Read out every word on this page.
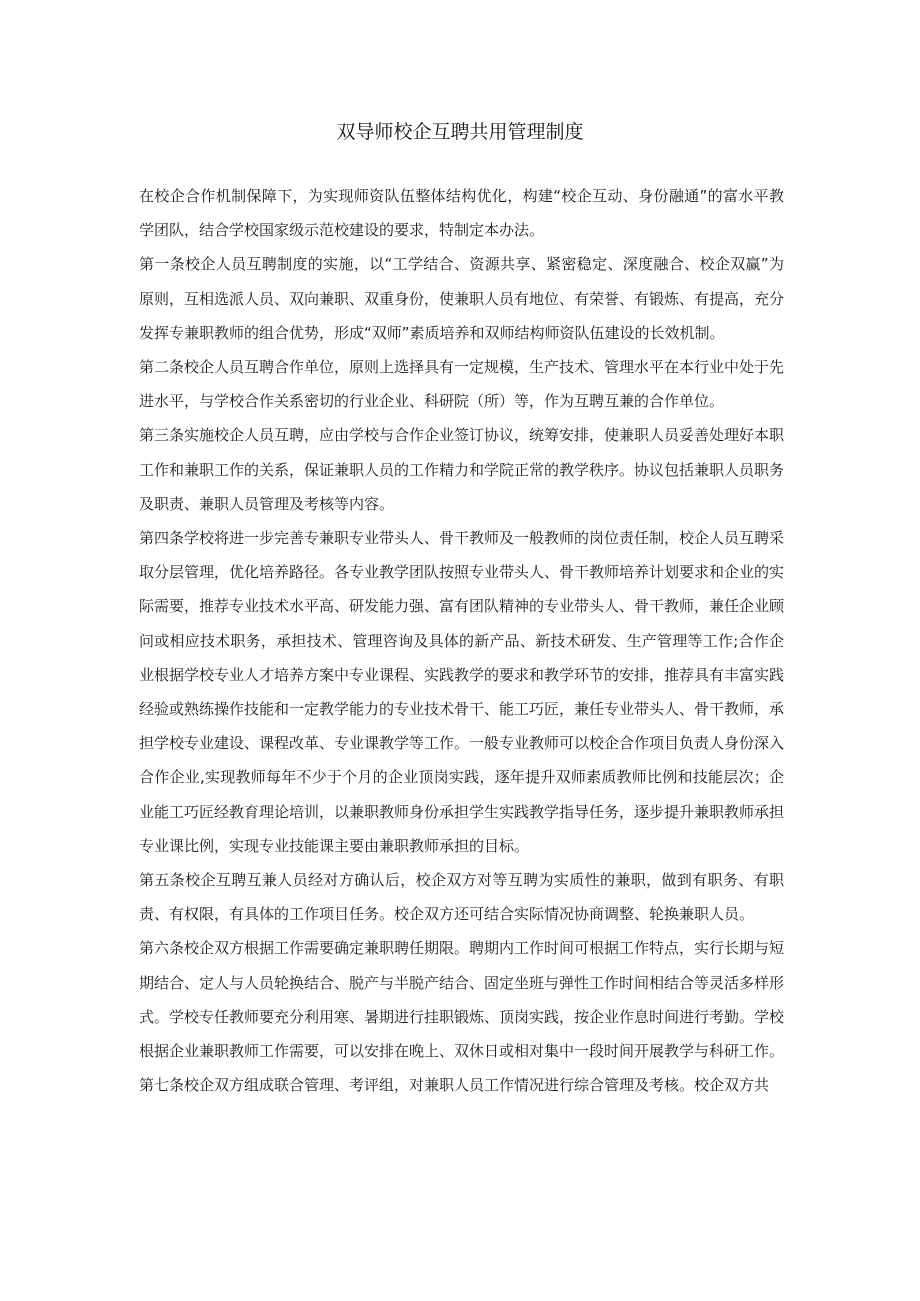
双导师校企互聘共用管理制度

在校企合作机制保障下，为实现师资队伍整体结构优化，构建“校企互动、身份融通”的富水平教学团队，结合学校国家级示范校建设的要求，特制定本办法。

第一条校企人员互聘制度的实施，以“工学结合、资源共享、紧密稳定、深度融合、校企双赢”为原则，互相选派人员、双向兼职、双重身份，使兼职人员有地位、有荣誉、有锻炼、有提高，充分发挥专兼职教师的组合优势，形成“双师”素质培养和双师结构师资队伍建设的长效机制。

第二条校企人员互聘合作单位，原则上选择具有一定规模，生产技术、管理水平在本行业中处于先进水平，与学校合作关系密切的行业企业、科研院（所）等，作为互聘互兼的合作单位。

第三条实施校企人员互聘，应由学校与合作企业签订协议，统筹安排，使兼职人员妥善处理好本职工作和兼职工作的关系，保证兼职人员的工作精力和学院正常的教学秩序。协议包括兼职人员职务及职责、兼职人员管理及考核等内容。

第四条学校将进一步完善专兼职专业带头人、骨干教师及一般教师的岗位责任制，校企人员互聘采取分层管理，优化培养路径。各专业教学团队按照专业带头人、骨干教师培养计划要求和企业的实际需要，推荐专业技术水平高、研发能力强、富有团队精神的专业带头人、骨干教师，兼任企业顾问或相应技术职务，承担技术、管理咨询及具体的新产品、新技术研发、生产管理等工作;合作企业根据学校专业人才培养方案中专业课程、实践教学的要求和教学环节的安排，推荐具有丰富实践经验或熟练操作技能和一定教学能力的专业技术骨干、能工巧匠，兼任专业带头人、骨干教师，承担学校专业建设、课程改革、专业课教学等工作。一般专业教师可以校企合作项目负责人身份深入合作企业,实现教师每年不少于个月的企业顶岗实践，逐年提升双师素质教师比例和技能层次；企业能工巧匠经教育理论培训，以兼职教师身份承担学生实践教学指导任务，逐步提升兼职教师承担专业课比例，实现专业技能课主要由兼职教师承担的目标。

第五条校企互聘互兼人员经对方确认后，校企双方对等互聘为实质性的兼职，做到有职务、有职责、有权限，有具体的工作项目任务。校企双方还可结合实际情况协商调整、轮换兼职人员。

第六条校企双方根据工作需要确定兼职聘任期限。聘期内工作时间可根据工作特点，实行长期与短期结合、定人与人员轮换结合、脱产与半脱产结合、固定坐班与弹性工作时间相结合等灵活多样形式。学校专任教师要充分利用寒、暑期进行挂职锻炼、顶岗实践，按企业作息时间进行考勤。学校根据企业兼职教师工作需要，可以安排在晚上、双休日或相对集中一段时间开展教学与科研工作。

第七条校企双方组成联合管理、考评组，对兼职人员工作情况进行综合管理及考核。校企双方共
